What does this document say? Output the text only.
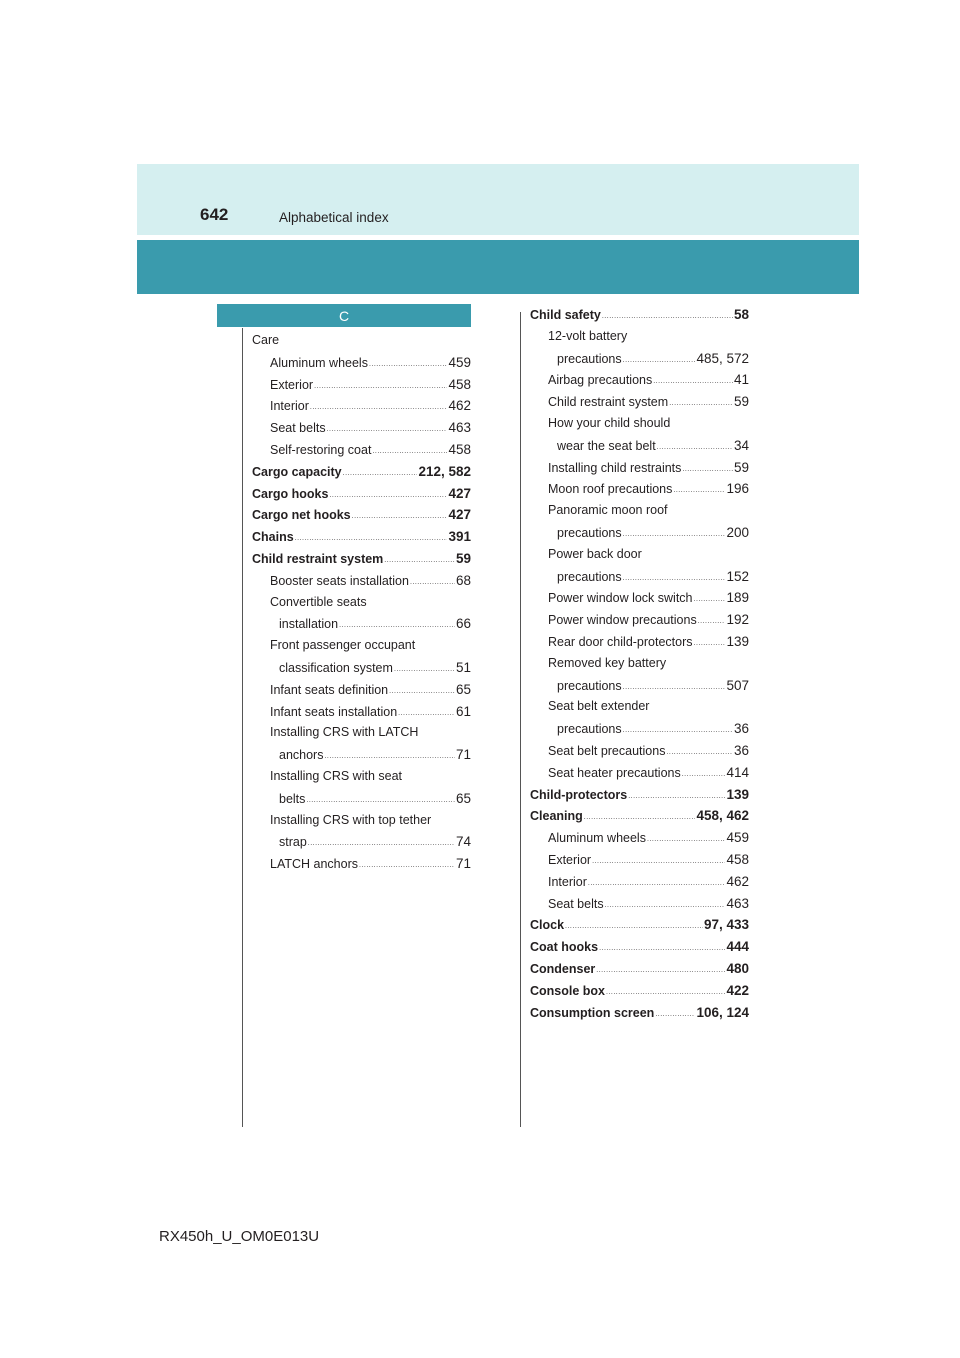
642	Alphabetical index
C
Care
Aluminum wheels .....	459
Exterior .....	458
Interior .....	462
Seat belts .....	463
Self-restoring coat .....	458
Cargo capacity .....	212, 582
Cargo hooks .....	427
Cargo net hooks .....	427
Chains .....	391
Child restraint system .....	59
Booster seats installation .....	68
Convertible seats
installation .....	66
Front passenger occupant
classification system .....	51
Infant seats definition .....	65
Infant seats installation .....	61
Installing CRS with LATCH
anchors .....	71
Installing CRS with seat
belts .....	65
Installing CRS with top tether
strap .....	74
LATCH anchors .....	71
Child safety .....	58
12-volt battery
precautions .....	485, 572
Airbag precautions .....	41
Child restraint system .....	59
How your child should
wear the seat belt .....	34
Installing child restraints .....	59
Moon roof precautions .....	196
Panoramic moon roof
precautions .....	200
Power back door
precautions .....	152
Power window lock switch .....	189
Power window precautions ..... 192
Rear door child-protectors .....	139
Removed key battery
precautions .....	507
Seat belt extender
precautions .....	36
Seat belt precautions .....	36
Seat heater precautions .....	414
Child-protectors .....	139
Cleaning .....	458, 462
Aluminum wheels .....	459
Exterior .....	458
Interior .....	462
Seat belts .....	463
Clock .....	97, 433
Coat hooks .....	444
Condenser .....	480
Console box .....	422
Consumption screen .....	106, 124
RX450h_U_OM0E013U
